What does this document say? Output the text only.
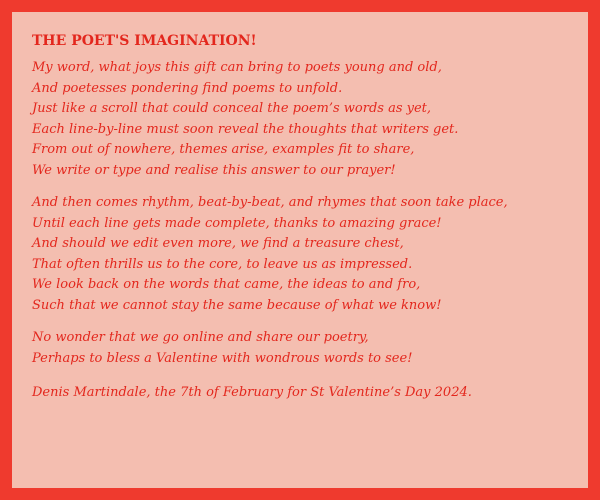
THE POET'S IMAGINATION!
My word, what joys this gift can bring to poets young and old,
And poetesses pondering find poems to unfold.
Just like a scroll that could conceal the poem’s words as yet,
Each line-by-line must soon reveal the thoughts that writers get.
From out of nowhere, themes arise, examples fit to share,
We write or type and realise this answer to our prayer!
And then comes rhythm, beat-by-beat, and rhymes that soon take place,
Until each line gets made complete, thanks to amazing grace!
And should we edit even more, we find a treasure chest,
That often thrills us to the core, to leave us as impressed.
We look back on the words that came, the ideas to and fro,
Such that we cannot stay the same because of what we know!
No wonder that we go online and share our poetry,
Perhaps to bless a Valentine with wondrous words to see!
Denis Martindale, the 7th of February for St Valentine’s Day 2024.
